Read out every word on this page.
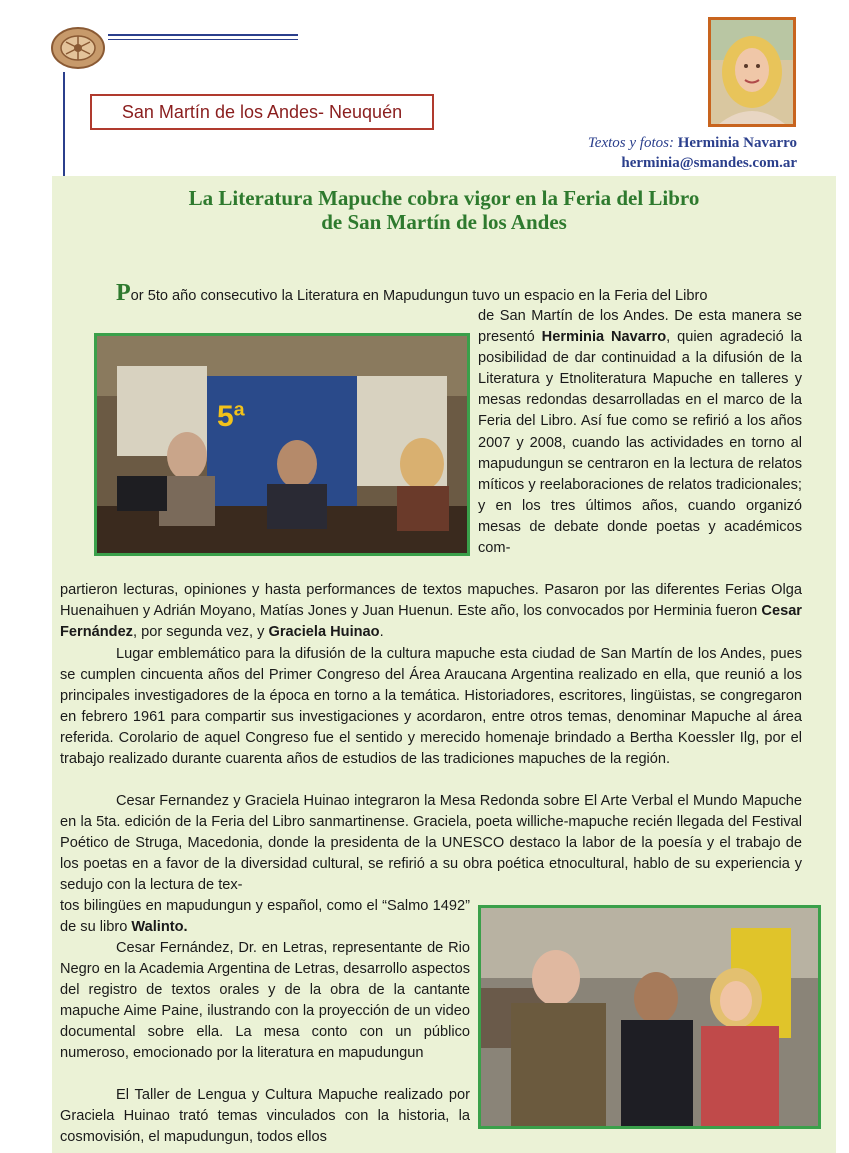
San Martín de los Andes- Neuquén
Textos y fotos: Herminia Navarro
herminia@smandes.com.ar
La Literatura Mapuche cobra vigor en la Feria del Libro
de San Martín de los Andes
Por 5to año consecutivo la Literatura en Mapudungun tuvo un espacio en la Feria del Libro
de San Martín de los Andes. De esta manera se presentó Herminia Navarro, quien agradeció la posibilidad de dar continuidad a la difusión de la Literatura y Etnoliteratura Mapuche en talleres y mesas redondas desarrolladas en el marco de la Feria del Libro. Así fue como se refirió a los años 2007 y 2008, cuando las actividades en torno al mapudungun se centraron en la lectura de relatos míticos y reelaboraciones de relatos tradicionales; y en los tres últimos años, cuando organizó mesas de debate donde poetas y académicos com-
5ª
partieron lecturas, opiniones y hasta performances de textos mapuches. Pasaron por las diferentes Ferias Olga Huenaihuen y Adrián Moyano, Matías Jones y Juan Huenun. Este año, los convocados por Herminia fueron Cesar Fernández, por segunda vez, y Graciela Huinao.
Lugar emblemático para la difusión de la cultura mapuche esta ciudad de San Martín de los Andes, pues se cumplen cincuenta años del Primer Congreso del Área Araucana Argentina realizado en ella, que reunió a los principales investigadores de la época en torno a la temática. Historiadores, escritores, lingüistas, se congregaron en febrero 1961 para compartir sus investigaciones y acordaron, entre otros temas, denominar Mapuche al área referida. Corolario de aquel Congreso fue el sentido y merecido homenaje brindado a Bertha Koessler Ilg, por el trabajo realizado durante cuarenta años de estudios de las tradiciones mapuches de la región.
Cesar Fernandez y Graciela Huinao integraron la Mesa Redonda sobre El Arte Verbal el Mundo Mapuche en la 5ta. edición de la Feria del Libro sanmartinense. Graciela, poeta williche-mapuche recién llegada del Festival Poético de Struga, Macedonia, donde la presidenta de la UNESCO destaco la labor de la poesía y el trabajo de los poetas en a favor de la diversidad cultural, se refirió a su obra poética etnocultural, hablo de su experiencia y sedujo con la lectura de tex-
tos bilingües en mapudungun y español, como el “Salmo 1492” de su libro Walinto.
Cesar Fernández, Dr. en Letras, representante de Rio Negro en la Academia Argentina de Letras, desarrollo aspectos del registro de textos orales y de la obra de la cantante mapuche Aime Paine, ilustrando con la proyección de un video documental sobre ella. La mesa conto con un público numeroso, emocionado por la literatura en mapudungun
El Taller de Lengua y Cultura Mapuche realizado por Graciela Huinao trató temas vinculados con la historia, la cosmovisión, el mapudungun, todos ellos
